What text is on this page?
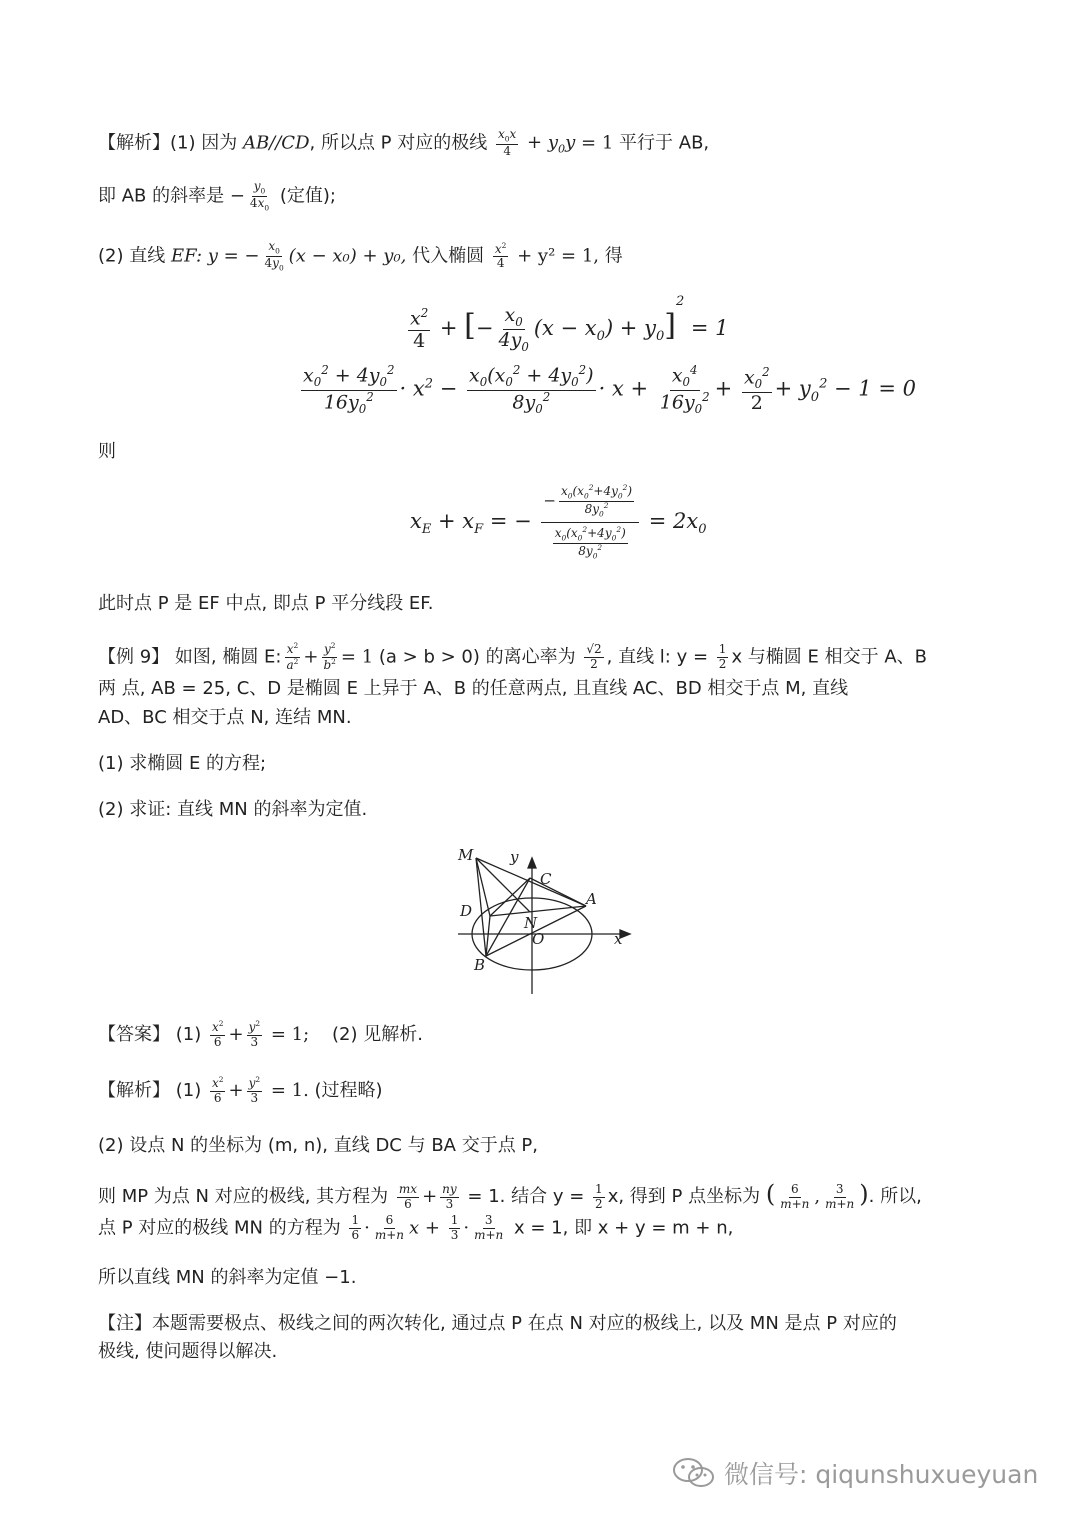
【解析】(1) 因为 AB//CD, 所以点 P 对应的极线 $\frac{x_0x}{4} + y_0y = 1$ 平行于 AB,
即 AB 的斜率是 − $\frac{y_0}{4x_0}$ (定值);
(2) 直线 EF: y = − $\frac{x_0}{4y_0} (x - x_0) + y_0$, 代入椭圆 $\frac{x^2}{4} + y^2 = 1$, 得
$\frac{x^2}{4}$ + [− $\frac{x_0}{4y_0} (x - x_0) + y_0]^2 = 1$
$\frac{x_0^2 + 4y_0^2}{16y_0^2} \cdot x^2 - \frac{x_0(x_0^2 + 4y_0^2)}{8y_0^2} \cdot x + \frac{x_0^4}{16y_0^2} + \frac{x_0^2}{2} + y_0^2 - 1 = 0$
则
$x_E + x_F$ = − $\frac{- \frac{x_0(x_0^2+4y_0^2)}{8y_0^2}}{\frac{x_0(x_0^2+4y_0^2)}{8y_0^2}} = 2x_0$
此时点 P 是 EF 中点, 即点 P 平分线段 EF.
【例 9】 如图, 椭圆 E: $\frac{x^2}{a^2} + \frac{y^2}{b^2} = 1$ (a > b > 0) 的离心率为 $\frac{√2}{2}$ , 直线 l: $y = \frac{1}{2}$ x 与椭圆 E 相交于 A、B
两 点, AB = 25, C、D 是椭圆 E 上异于 A、B 的任意两点, 且直线 AC、BD 相交于点 M, 直线
AD、BC 相交于点 N, 连结 MN.
(1) 求椭圆 E 的方程;
(2) 求证: 直线 MN 的斜率为定值.
M y
C
A
D
N
O	x
B
【答案】 $(1) \frac{x^2}{6} + \frac{y^2}{3} = 1$; (2) 见解析.
【解析】 $(1) \frac{x^2}{6} + \frac{y^2}{3} = 1$. (过程略)
(2) 设点 N 的坐标为 (m, n), 直线 DC 与 BA 交于点 P,
则 MP 为点 N 对应的极线, 其方程为 $\frac{mx}{6} + \frac{ny}{3} = 1$. 结合 $y = \frac{1}{2} x$, 得到 P 点坐标为 ( $\frac{6}{m+n}$ , $\frac{3}{m+n}$ ). 所以,
点 P 对应的极线 MN 的方程为 $\frac{1}{6} \cdot \frac{6}{m+n}$ $x + \frac{1}{3} \cdot \frac{3}{m+n}$ x = 1, 即 x + y = m + n,
所以直线 MN 的斜率为定值 −1.
【注】本题需要极点、极线之间的两次转化, 通过点 P 在点 N 对应的极线上, 以及 MN 是点 P 对应的
极线, 使问题得以解决.
微信号: qiqunshuxueyuan
